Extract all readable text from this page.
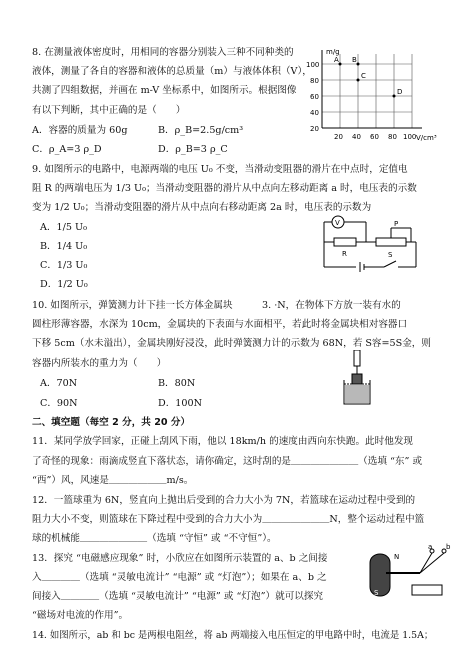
8. 在测量液体密度时，用相同的容器分别装入三种不同种类的
液体，测量了各自的容器和液体的总质量（m）与液体体积（V），
共测了四组数据，并画在 m-V 坐标系中，如图所示。根据图像
有以下判断，其中正确的是（　　）
A．容器的质量为 60g	B．ρ_B=2.5g/cm³
C．ρ_A=3 ρ_D	D．ρ_B=3 ρ_C
m/g
V/cm³
100
80
60
40
20
20 40 60 80 100
A B
C
D
9. 如图所示的电路中，电源两端的电压 U₀ 不变，当滑动变阻器的滑片在中点时，定值电
阻 R 的两端电压为 1/3 U₀；当滑动变阻器的滑片从中点向左移动距离 a 时，电压表的示数
变为 1/2 U₀；当滑动变阻器的滑片从中点向右移动距离 2a 时，电压表的示数为
A．1/5 U₀
B．1/4 U₀
C．1/3 U₀
D．1/2 U₀
V
R
P
S
10. 如图所示，弹簧测力计下挂一长方体金属块	3. ·N，在物体下方放一装有水的
圆柱形薄容器，水深为 10cm，金属块的下表面与水面相平，若此时将金属块相对容器口
下移 5cm（水未溢出），金属块刚好浸没，此时弹簧测力计的示数为 68N，若 S容=5S金，则
容器内所装水的重力为（　　）
A．70N	B．80N
C．90N	D．100N
二、填空题（每空 2 分，共 20 分）
11．某同学放学回家，正碰上刮风下雨，他以 18km/h 的速度由西向东快跑。此时他发现
了奇怪的现象：雨滴成竖直下落状态，请你确定，这时刮的是＿＿＿＿＿＿＿（选填 “东” 或
“西”）风，风速是＿＿＿＿＿＿m/s。
12．一篮球重为 6N，竖直向上抛出后受到的合力大小为 7N，若篮球在运动过程中受到的
阻力大小不变，则篮球在下降过程中受到的合力大小为＿＿＿＿＿＿＿N，整个运动过程中篮
球的机械能＿＿＿＿＿＿＿（选填 “守恒” 或 “不守恒”）。
13．探究 “电磁感应现象” 时，小欣应在如图所示装置的 a、b 之间接
入＿＿＿＿（选填 “灵敏电流计” “电源” 或 “灯泡”）；如果在 a、b 之
间接入＿＿＿＿（选填 “灵敏电流计” “电源” 或 “灯泡”）就可以探究
“磁场对电流的作用”。
a b
N
S
14. 如图所示，ab 和 bc 是两根电阻丝，将 ab 两端接入电压恒定的甲电路中时，电流是 1.5A；
